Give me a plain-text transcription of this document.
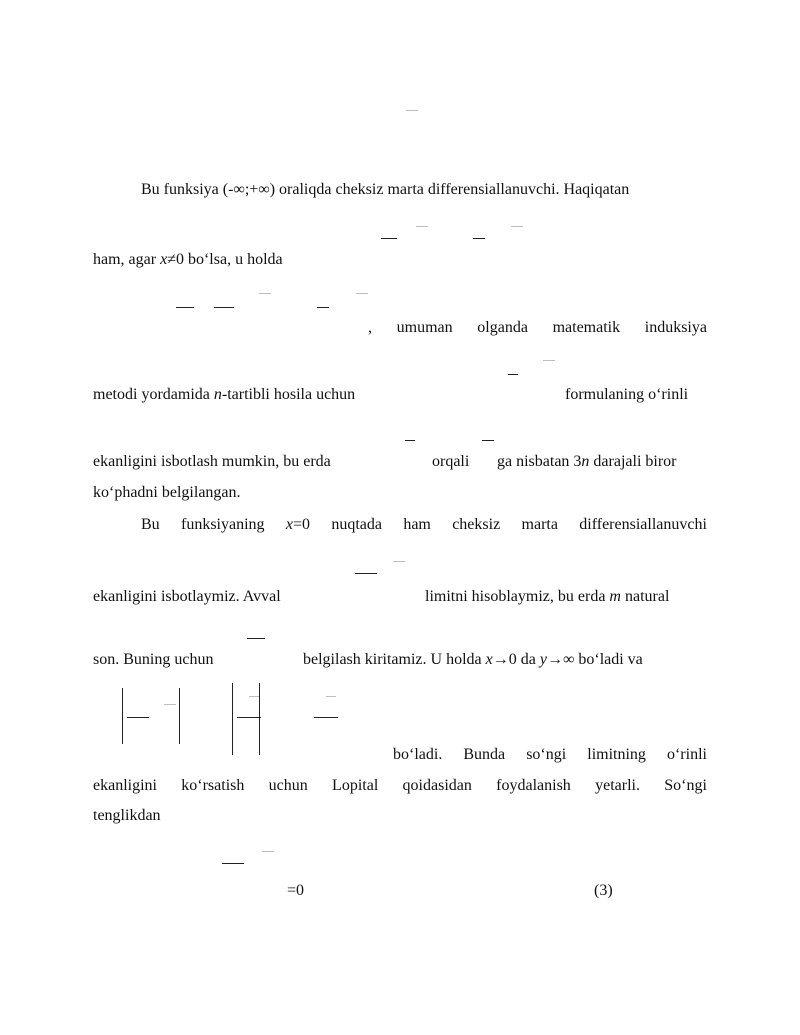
Bu funksiya (-∞;+∞) oraliqda cheksiz marta differensiallanuvchi. Haqiqatan
ham, agar x≠0 bo‘lsa, u holda
, umuman olganda matematik induksiya
metodi yordamida n-tartibli hosila uchun	formulaning o‘rinli
ekanligini isbotlash mumkin, bu erda	orqali ga nisbatan 3n darajali biror
ko‘phadni belgilangan.
Bu funksiyaning x=0 nuqtada ham cheksiz marta differensiallanuvchi
ekanligini isbotlaymiz. Avval	limitni hisoblaymiz, bu erda m natural
son. Buning uchun	belgilash kiritamiz. U holda x→0 da y→∞ bo‘ladi va
bo‘ladi. Bunda so‘ngi limitning o‘rinli
ekanligini ko‘rsatish uchun Lopital qoidasidan foydalanish yetarli. So‘ngi
tenglikdan
=0	(3)
